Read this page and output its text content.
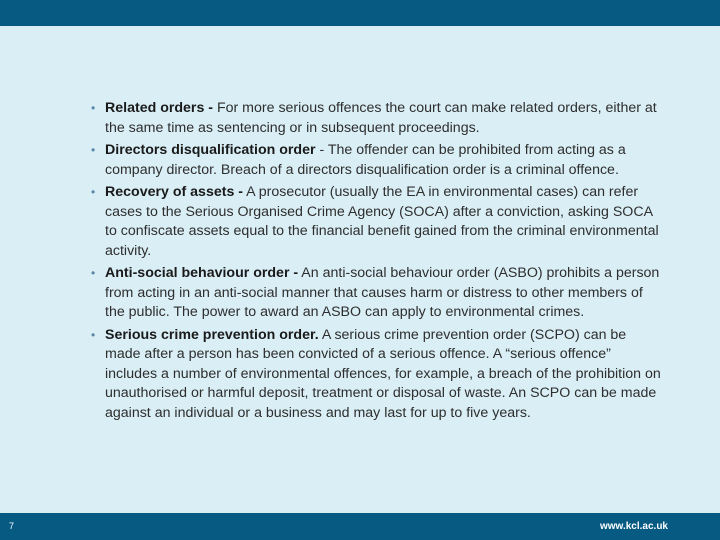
• Related orders - For more serious offences the court can make related orders, either at the same time as sentencing or in subsequent proceedings.
• Directors disqualification order - The offender can be prohibited from acting as a company director. Breach of a directors disqualification order is a criminal offence.
• Recovery of assets - A prosecutor (usually the EA in environmental cases) can refer cases to the Serious Organised Crime Agency (SOCA) after a conviction, asking SOCA to confiscate assets equal to the financial benefit gained from the criminal environmental activity.
• Anti-social behaviour order - An anti-social behaviour order (ASBO) prohibits a person from acting in an anti-social manner that causes harm or distress to other members of the public. The power to award an ASBO can apply to environmental crimes.
• Serious crime prevention order. A serious crime prevention order (SCPO) can be made after a person has been convicted of a serious offence. A “serious offence” includes a number of environmental offences, for example, a breach of the prohibition on unauthorised or harmful deposit, treatment or disposal of waste. An SCPO can be made against an individual or a business and may last for up to five years.
7	www.kcl.ac.uk
